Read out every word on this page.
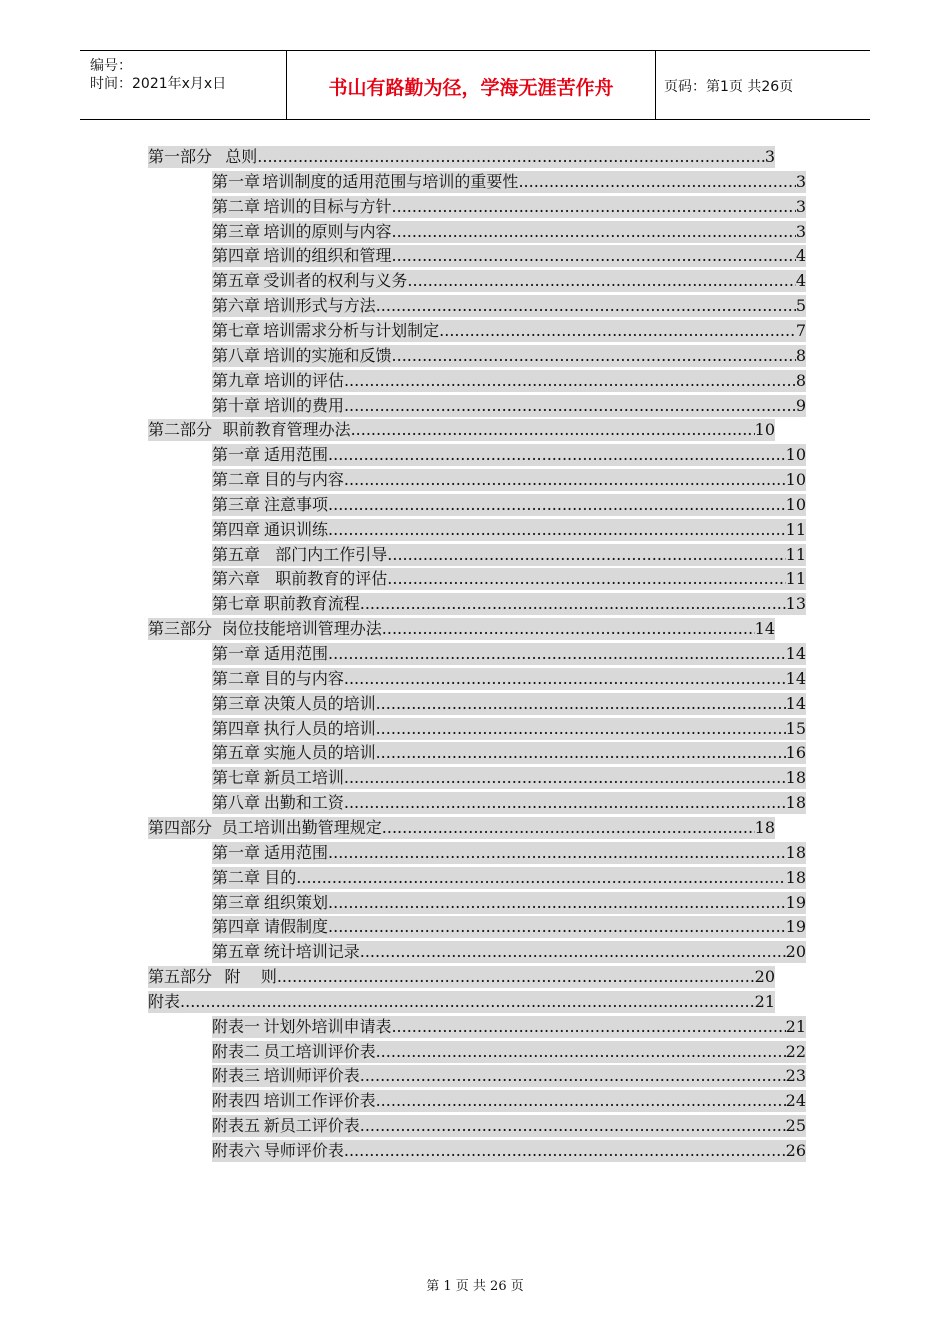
编号：
时间：2021年x月x日	书山有路勤为径，学海无涯苦作舟	页码：第1页 共26页
第一部分 总则 .....	3
第一章 培训制度的适用范围与培训的重要性 .....	3
第二章 培训的目标与方针 .....	3
第三章 培训的原则与内容 .....	3
第四章 培训的组织和管理 .....	4
第五章 受训者的权利与义务 .....	4
第六章 培训形式与方法 .....	5
第七章 培训需求分析与计划制定 .....	7
第八章 培训的实施和反馈 .....	8
第九章 培训的评估 .....	8
第十章 培训的费用 .....	9
第二部分 职前教育管理办法 .....	10
第一章 适用范围 .....	10
第二章 目的与内容 .....	10
第三章 注意事项 .....	10
第四章 通识训练 .....	11
第五章 部门内工作引导 .....	11
第六章 职前教育的评估 .....	11
第七章 职前教育流程 .....	13
第三部分 岗位技能培训管理办法 .....	14
第一章 适用范围 .....	14
第二章 目的与内容 .....	14
第三章 决策人员的培训 .....	14
第四章 执行人员的培训 .....	15
第五章 实施人员的培训 .....	16
第七章 新员工培训 .....	18
第八章 出勤和工资 .....	18
第四部分 员工培训出勤管理规定 .....	18
第一章 适用范围 .....	18
第二章 目的 .....	18
第三章 组织策划 .....	19
第四章 请假制度 .....	19
第五章 统计培训记录 .....	20
第五部分 附    则 .....	20
附表 .....	21
附表一 计划外培训申请表 .....	21
附表二 员工培训评价表 .....	22
附表三 培训师评价表 .....	23
附表四 培训工作评价表 .....	24
附表五 新员工评价表 .....	25
附表六 导师评价表 .....	26
第 1 页 共 26 页
